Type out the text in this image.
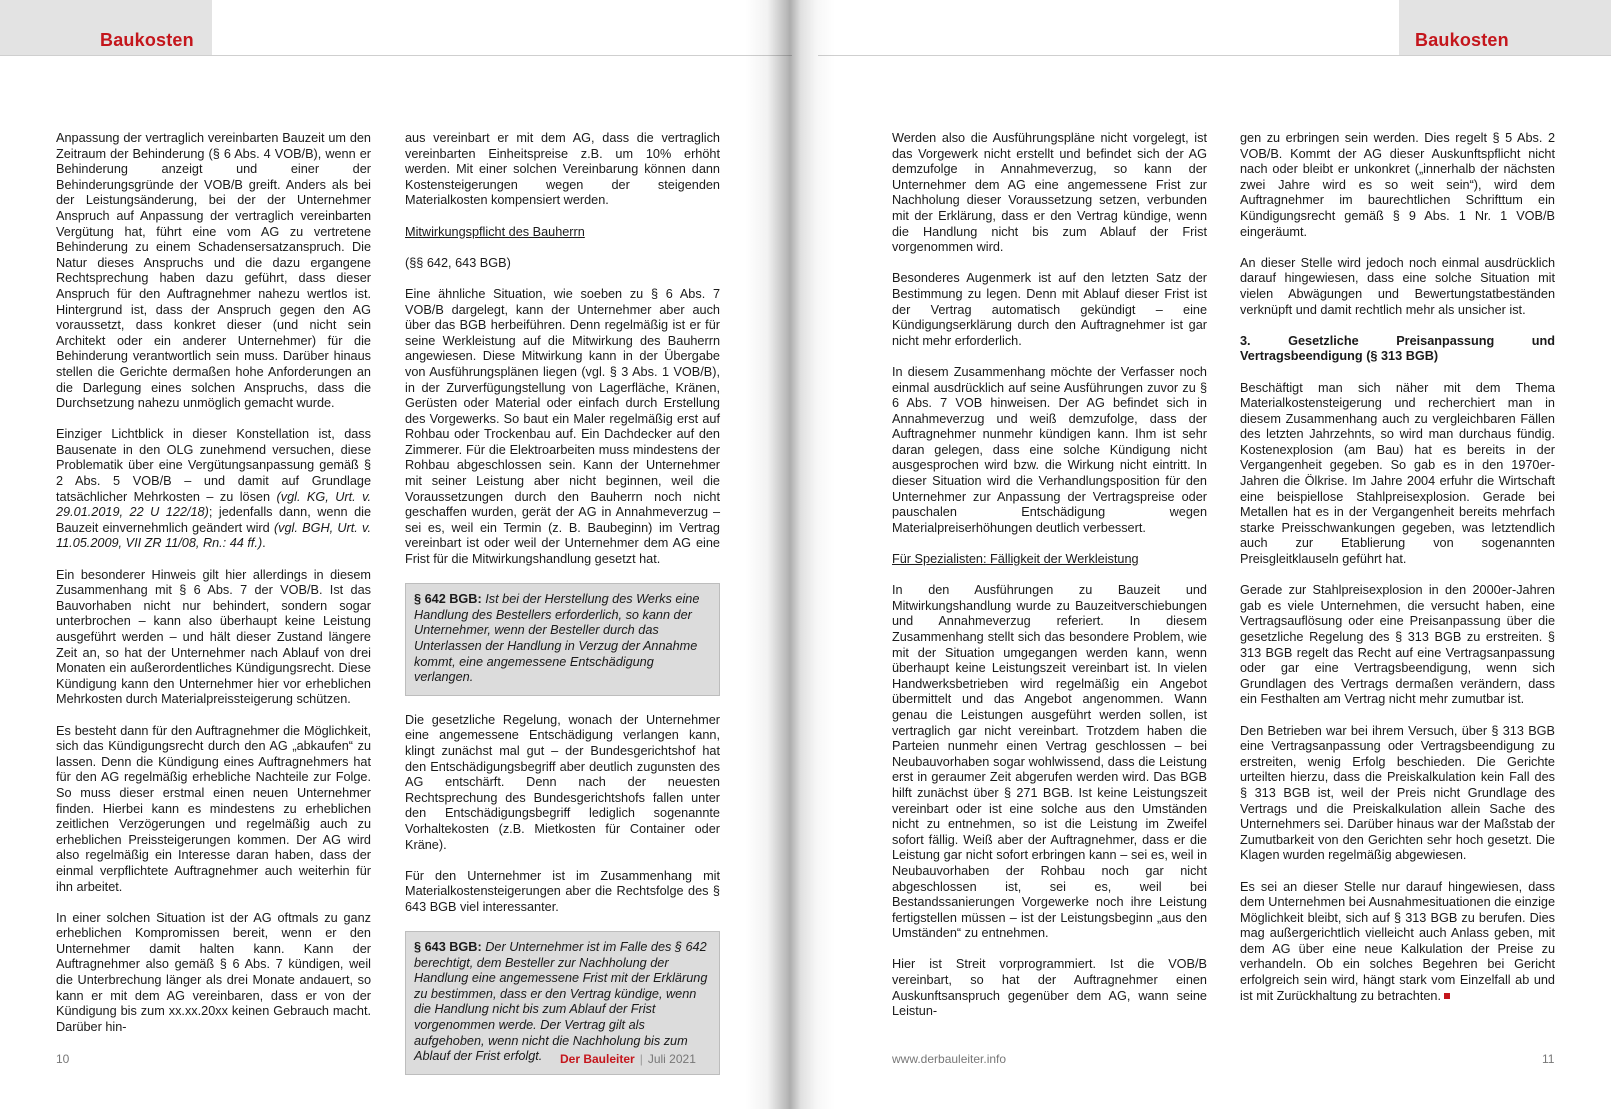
Baukosten	Baukosten

Anpassung der vertraglich vereinbarten Bauzeit um den Zeitraum der Behinderung (§ 6 Abs. 4 VOB/B), wenn er Behinderung anzeigt und einer der Behinderungsgründe der VOB/B greift. Anders als bei der Leistungsänderung, bei der der Unternehmer Anspruch auf Anpassung der vertraglich vereinbarten Vergütung hat, führt eine vom AG zu vertretene Behinderung zu einem Schadensersatzanspruch. Die Natur dieses Anspruchs und die dazu ergangene Rechtsprechung haben dazu geführt, dass dieser Anspruch für den Auftragnehmer nahezu wertlos ist. Hintergrund ist, dass der Anspruch gegen den AG voraussetzt, dass konkret dieser (und nicht sein Architekt oder ein anderer Unternehmer) für die Behinderung verantwortlich sein muss. Darüber hinaus stellen die Gerichte dermaßen hohe Anforderungen an die Darlegung eines solchen Anspruchs, dass die Durchsetzung nahezu unmöglich gemacht wurde.

Einziger Lichtblick in dieser Konstellation ist, dass Bausenate in den OLG zunehmend versuchen, diese Problematik über eine Vergütungsanpassung gemäß § 2 Abs. 5 VOB/B – und damit auf Grundlage tatsächlicher Mehrkosten – zu lösen (vgl. KG, Urt. v. 29.01.2019, 22 U 122/18); jedenfalls dann, wenn die Bauzeit einvernehmlich geändert wird (vgl. BGH, Urt. v. 11.05.2009, VII ZR 11/08, Rn.: 44 ff.).

Ein besonderer Hinweis gilt hier allerdings in diesem Zusammenhang mit § 6 Abs. 7 der VOB/B. Ist das Bauvorhaben nicht nur behindert, sondern sogar unterbrochen – kann also überhaupt keine Leistung ausgeführt werden – und hält dieser Zustand längere Zeit an, so hat der Unternehmer nach Ablauf von drei Monaten ein außerordentliches Kündigungsrecht. Diese Kündigung kann den Unternehmer hier vor erheblichen Mehrkosten durch Materialpreissteigerung schützen.

Es besteht dann für den Auftragnehmer die Möglichkeit, sich das Kündigungsrecht durch den AG „abkaufen“ zu lassen. Denn die Kündigung eines Auftragnehmers hat für den AG regelmäßig erhebliche Nachteile zur Folge. So muss dieser erstmal einen neuen Unternehmer finden. Hierbei kann es mindestens zu erheblichen zeitlichen Verzögerungen und regelmäßig auch zu erheblichen Preissteigerungen kommen. Der AG wird also regelmäßig ein Interesse daran haben, dass der einmal verpflichtete Auftragnehmer auch weiterhin für ihn arbeitet.

In einer solchen Situation ist der AG oftmals zu ganz erheblichen Kompromissen bereit, wenn er den Unternehmer damit halten kann. Kann der Auftragnehmer also gemäß § 6 Abs. 7 kündigen, weil die Unterbrechung länger als drei Monate andauert, so kann er mit dem AG vereinbaren, dass er von der Kündigung bis zum xx.xx.20xx keinen Gebrauch macht. Darüber hin-

aus vereinbart er mit dem AG, dass die vertraglich vereinbarten Einheitspreise z.B. um 10% erhöht werden. Mit einer solchen Vereinbarung können dann Kostensteigerungen wegen der steigenden Materialkosten kompensiert werden.

Mitwirkungspflicht des Bauherrn

(§§ 642, 643 BGB)

Eine ähnliche Situation, wie soeben zu § 6 Abs. 7 VOB/B dargelegt, kann der Unternehmer aber auch über das BGB herbeiführen. Denn regelmäßig ist er für seine Werkleistung auf die Mitwirkung des Bauherrn angewiesen. Diese Mitwirkung kann in der Übergabe von Ausführungsplänen liegen (vgl. § 3 Abs. 1 VOB/B), in der Zurverfügungstellung von Lagerfläche, Kränen, Gerüsten oder Material oder einfach durch Erstellung des Vorgewerks. So baut ein Maler regelmäßig erst auf Rohbau oder Trockenbau auf. Ein Dachdecker auf den Zimmerer. Für die Elektroarbeiten muss mindestens der Rohbau abgeschlossen sein. Kann der Unternehmer mit seiner Leistung aber nicht beginnen, weil die Voraussetzungen durch den Bauherrn noch nicht geschaffen wurden, gerät der AG in Annahmeverzug – sei es, weil ein Termin (z. B. Baubeginn) im Vertrag vereinbart ist oder weil der Unternehmer dem AG eine Frist für die Mitwirkungshandlung gesetzt hat.

§ 642 BGB: Ist bei der Herstellung des Werks eine Handlung des Bestellers erforderlich, so kann der Unternehmer, wenn der Besteller durch das Unterlassen der Handlung in Verzug der Annahme kommt, eine angemessene Entschädigung verlangen.

Die gesetzliche Regelung, wonach der Unternehmer eine angemessene Entschädigung verlangen kann, klingt zunächst mal gut – der Bundesgerichtshof hat den Entschädigungsbegriff aber deutlich zugunsten des AG entschärft. Denn nach der neuesten Rechtsprechung des Bundesgerichtshofs fallen unter den Entschädigungsbegriff lediglich sogenannte Vorhaltekosten (z.B. Mietkosten für Container oder Kräne).

Für den Unternehmer ist im Zusammenhang mit Materialkostensteigerungen aber die Rechtsfolge des § 643 BGB viel interessanter.

§ 643 BGB: Der Unternehmer ist im Falle des § 642 berechtigt, dem Besteller zur Nachholung der Handlung eine angemessene Frist mit der Erklärung zu bestimmen, dass er den Vertrag kündige, wenn die Handlung nicht bis zum Ablauf der Frist vorgenommen werde. Der Vertrag gilt als aufgehoben, wenn nicht die Nachholung bis zum Ablauf der Frist erfolgt.

Werden also die Ausführungspläne nicht vorgelegt, ist das Vorgewerk nicht erstellt und befindet sich der AG demzufolge in Annahmeverzug, so kann der Unternehmer dem AG eine angemessene Frist zur Nachholung dieser Voraussetzung setzen, verbunden mit der Erklärung, dass er den Vertrag kündige, wenn die Handlung nicht bis zum Ablauf der Frist vorgenommen wird.

Besonderes Augenmerk ist auf den letzten Satz der Bestimmung zu legen. Denn mit Ablauf dieser Frist ist der Vertrag automatisch gekündigt – eine Kündigungserklärung durch den Auftragnehmer ist gar nicht mehr erforderlich.

In diesem Zusammenhang möchte der Verfasser noch einmal ausdrücklich auf seine Ausführungen zuvor zu § 6 Abs. 7 VOB hinweisen. Der AG befindet sich in Annahmeverzug und weiß demzufolge, dass der Auftragnehmer nunmehr kündigen kann. Ihm ist sehr daran gelegen, dass eine solche Kündigung nicht ausgesprochen wird bzw. die Wirkung nicht eintritt. In dieser Situation wird die Verhandlungsposition für den Unternehmer zur Anpassung der Vertragspreise oder pauschalen Entschädigung wegen Materialpreiserhöhungen deutlich verbessert.

Für Spezialisten: Fälligkeit der Werkleistung

In den Ausführungen zu Bauzeit und Mitwirkungshandlung wurde zu Bauzeitverschiebungen und Annahmeverzug referiert. In diesem Zusammenhang stellt sich das besondere Problem, wie mit der Situation umgegangen werden kann, wenn überhaupt keine Leistungszeit vereinbart ist. In vielen Handwerksbetrieben wird regelmäßig ein Angebot übermittelt und das Angebot angenommen. Wann genau die Leistungen ausgeführt werden sollen, ist vertraglich gar nicht vereinbart. Trotzdem haben die Parteien nunmehr einen Vertrag geschlossen – bei Neubauvorhaben sogar wohlwissend, dass die Leistung erst in geraumer Zeit abgerufen werden wird. Das BGB hilft zunächst über § 271 BGB. Ist keine Leistungszeit vereinbart oder ist eine solche aus den Umständen nicht zu entnehmen, so ist die Leistung im Zweifel sofort fällig. Weiß aber der Auftragnehmer, dass er die Leistung gar nicht sofort erbringen kann – sei es, weil in Neubauvorhaben der Rohbau noch gar nicht abgeschlossen ist, sei es, weil bei Bestandssanierungen Vorgewerke noch ihre Leistung fertigstellen müssen – ist der Leistungsbeginn „aus den Umständen“ zu entnehmen.

Hier ist Streit vorprogrammiert. Ist die VOB/B vereinbart, so hat der Auftragnehmer einen Auskunftsanspruch gegenüber dem AG, wann seine Leistun-

gen zu erbringen sein werden. Dies regelt § 5 Abs. 2 VOB/B. Kommt der AG dieser Auskunftspflicht nicht nach oder bleibt er unkonkret („innerhalb der nächsten zwei Jahre wird es so weit sein“), wird dem Auftragnehmer im baurechtlichen Schrifttum ein Kündigungsrecht gemäß § 9 Abs. 1 Nr. 1 VOB/B eingeräumt.

An dieser Stelle wird jedoch noch einmal ausdrücklich darauf hingewiesen, dass eine solche Situation mit vielen Abwägungen und Bewertungstatbeständen verknüpft und damit rechtlich mehr als unsicher ist.

3. Gesetzliche Preisanpassung und Vertragsbeendigung (§ 313 BGB)

Beschäftigt man sich näher mit dem Thema Materialkostensteigerung und recherchiert man in diesem Zusammenhang auch zu vergleichbaren Fällen des letzten Jahrzehnts, so wird man durchaus fündig. Kostenexplosion (am Bau) hat es bereits in der Vergangenheit gegeben. So gab es in den 1970er-Jahren die Ölkrise. Im Jahre 2004 erfuhr die Wirtschaft eine beispiellose Stahlpreisexplosion. Gerade bei Metallen hat es in der Vergangenheit bereits mehrfach starke Preisschwankungen gegeben, was letztendlich auch zur Etablierung von sogenannten Preisgleitklauseln geführt hat.

Gerade zur Stahlpreisexplosion in den 2000er-Jahren gab es viele Unternehmen, die versucht haben, eine Vertragsauflösung oder eine Preisanpassung über die gesetzliche Regelung des § 313 BGB zu erstreiten. § 313 BGB regelt das Recht auf eine Vertragsanpassung oder gar eine Vertragsbeendigung, wenn sich Grundlagen des Vertrags dermaßen verändern, dass ein Festhalten am Vertrag nicht mehr zumutbar ist.

Den Betrieben war bei ihrem Versuch, über § 313 BGB eine Vertragsanpassung oder Vertragsbeendigung zu erstreiten, wenig Erfolg beschieden. Die Gerichte urteilten hierzu, dass die Preiskalkulation kein Fall des § 313 BGB ist, weil der Preis nicht Grundlage des Vertrags und die Preiskalkulation allein Sache des Unternehmers sei. Darüber hinaus war der Maßstab der Zumutbarkeit von den Gerichten sehr hoch gesetzt. Die Klagen wurden regelmäßig abgewiesen.

Es sei an dieser Stelle nur darauf hingewiesen, dass dem Unternehmen bei Ausnahmesituationen die einzige Möglichkeit bleibt, sich auf § 313 BGB zu berufen. Dies mag außergerichtlich vielleicht auch Anlass geben, mit dem AG über eine neue Kalkulation der Preise zu verhandeln. Ob ein solches Begehren bei Gericht erfolgreich sein wird, hängt stark vom Einzelfall ab und ist mit Zurückhaltung zu betrachten.

10	Der Bauleiter | Juli 2021	www.derbauleiter.info	11
